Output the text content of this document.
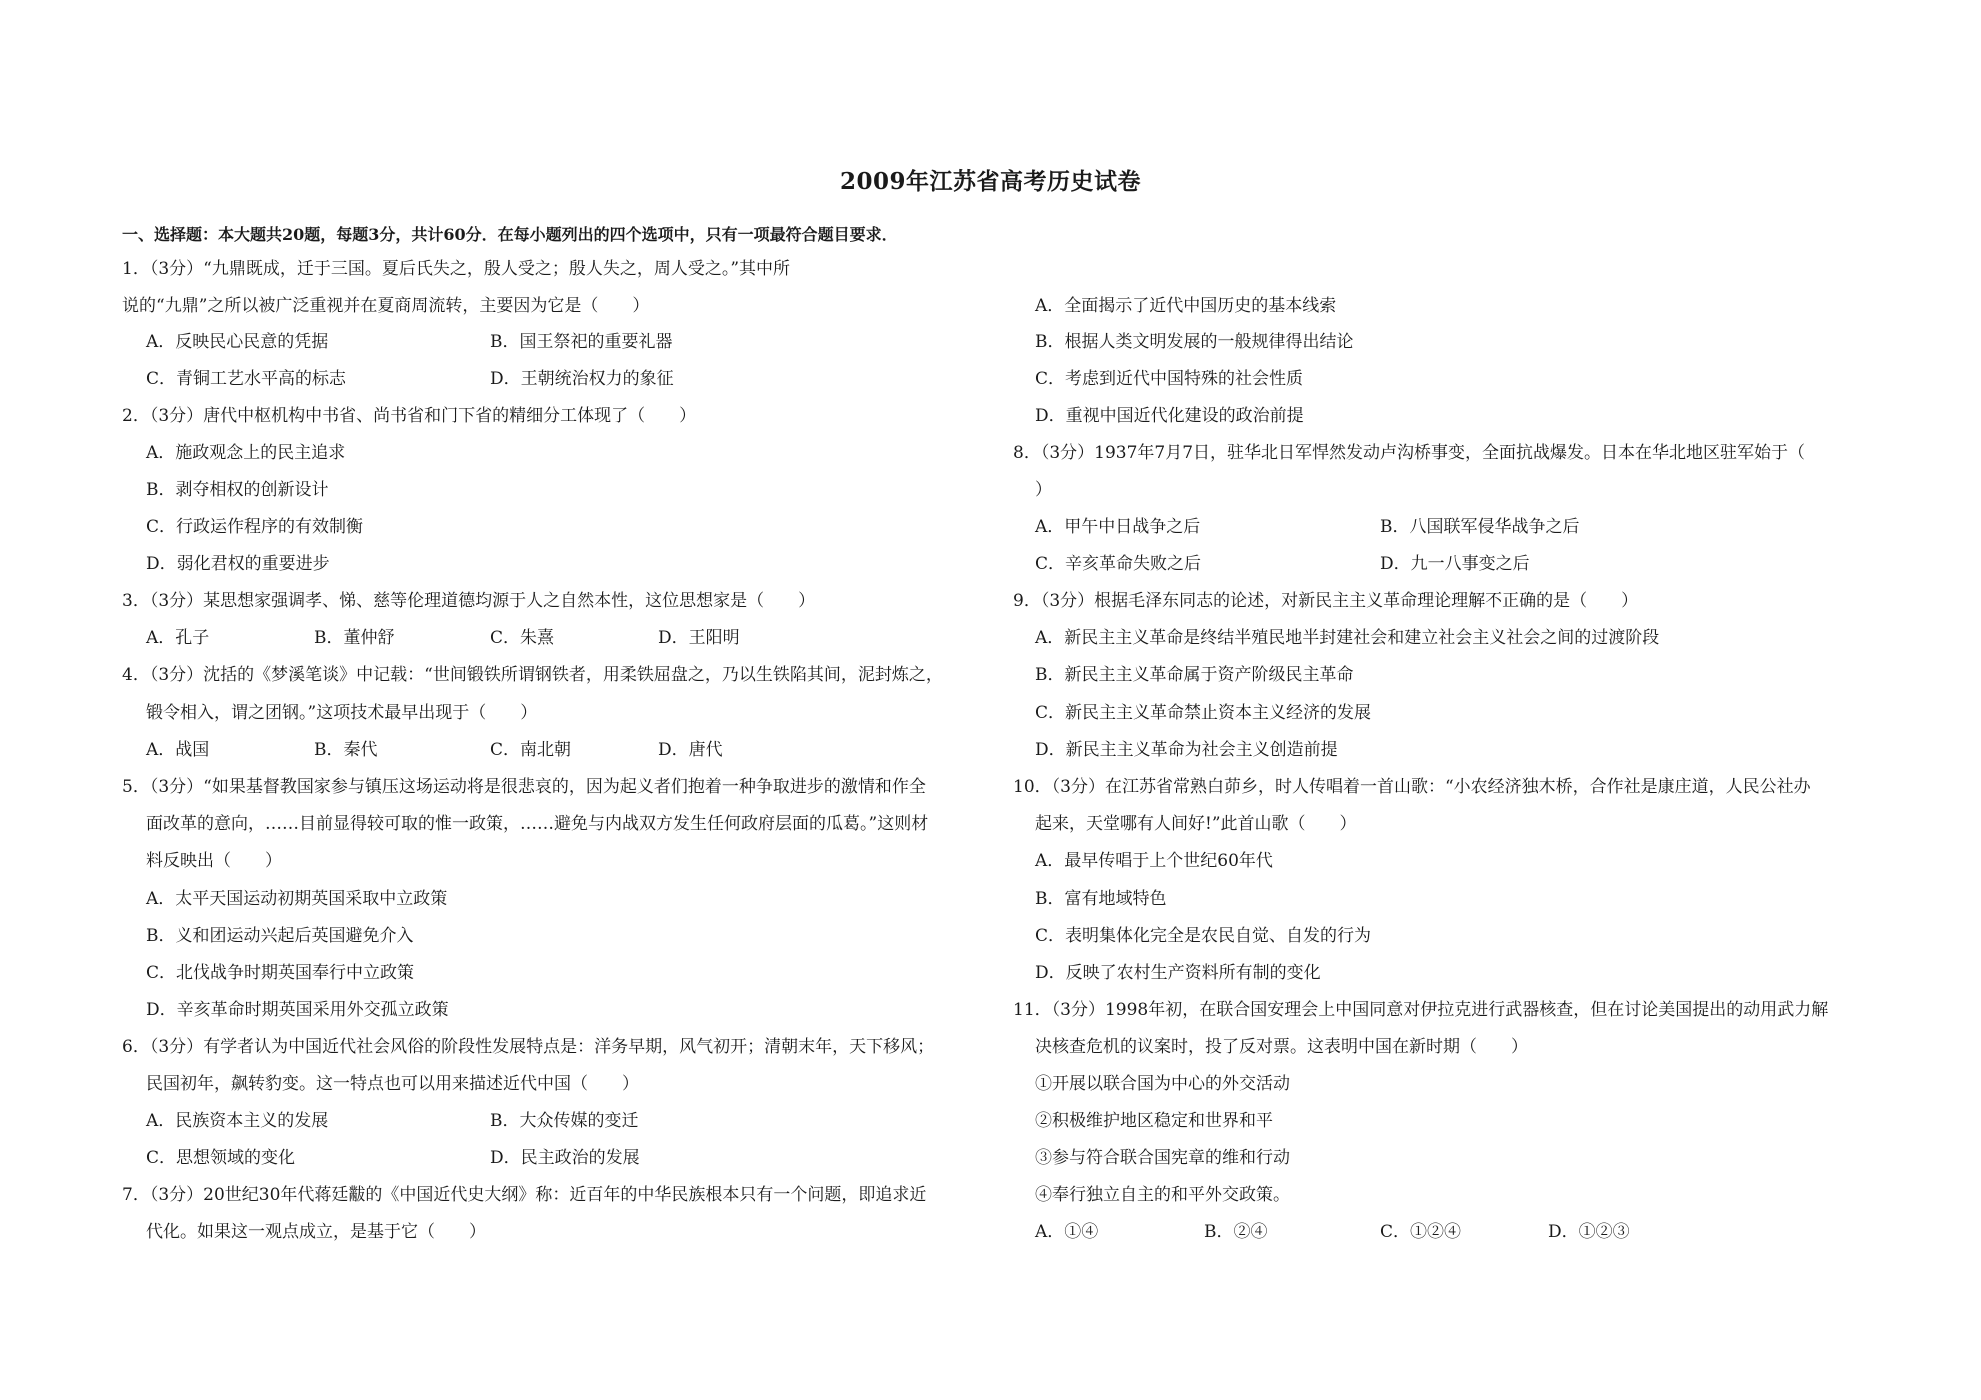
2009年江苏省高考历史试卷
一、选择题：本大题共20题，每题3分，共计60分．在每小题列出的四个选项中，只有一项最符合题目要求．
1．（3分）“九鼎既成，迁于三国。夏后氏失之，殷人受之；殷人失之，周人受之。”其中所
说的“九鼎”之所以被广泛重视并在夏商周流转，主要因为它是（　　）
A．反映民心民意的凭据	B．国王祭祀的重要礼器
C．青铜工艺水平高的标志	D．王朝统治权力的象征
2．（3分）唐代中枢机构中书省、尚书省和门下省的精细分工体现了（　　）
A．施政观念上的民主追求
B．剥夺相权的创新设计
C．行政运作程序的有效制衡
D．弱化君权的重要进步
3．（3分）某思想家强调孝、悌、慈等伦理道德均源于人之自然本性，这位思想家是（　　）
A．孔子	B．董仲舒	C．朱熹	D．王阳明
4．（3分）沈括的《梦溪笔谈》中记载：“世间锻铁所谓钢铁者，用柔铁屈盘之，乃以生铁陷其间，泥封炼之，
锻令相入，谓之团钢。”这项技术最早出现于（　　）
A．战国	B．秦代	C．南北朝	D．唐代
5．（3分）“如果基督教国家参与镇压这场运动将是很悲哀的，因为起义者们抱着一种争取进步的激情和作全
面改革的意向，……目前显得较可取的惟一政策，……避免与内战双方发生任何政府层面的瓜葛。”这则材
料反映出（　　）
A．太平天国运动初期英国采取中立政策
B．义和团运动兴起后英国避免介入
C．北伐战争时期英国奉行中立政策
D．辛亥革命时期英国采用外交孤立政策
6．（3分）有学者认为中国近代社会风俗的阶段性发展特点是：洋务早期，风气初开；清朝末年，天下移风；
民国初年，飙转豹变。这一特点也可以用来描述近代中国（　　）
A．民族资本主义的发展	B．大众传媒的变迁
C．思想领域的变化	D．民主政治的发展
7．（3分）20世纪30年代蒋廷黻的《中国近代史大纲》称：近百年的中华民族根本只有一个问题，即追求近
代化。如果这一观点成立，是基于它（　　）
A．全面揭示了近代中国历史的基本线索
B．根据人类文明发展的一般规律得出结论
C．考虑到近代中国特殊的社会性质
D．重视中国近代化建设的政治前提
8．（3分）1937年7月7日，驻华北日军悍然发动卢沟桥事变，全面抗战爆发。日本在华北地区驻军始于（
）
A．甲午中日战争之后	B．八国联军侵华战争之后
C．辛亥革命失败之后	D．九一八事变之后
9．（3分）根据毛泽东同志的论述，对新民主主义革命理论理解不正确的是（　　）
A．新民主主义革命是终结半殖民地半封建社会和建立社会主义社会之间的过渡阶段
B．新民主主义革命属于资产阶级民主革命
C．新民主主义革命禁止资本主义经济的发展
D．新民主主义革命为社会主义创造前提
10．（3分）在江苏省常熟白茆乡，时人传唱着一首山歌：“小农经济独木桥，合作社是康庄道，人民公社办
起来，天堂哪有人间好!”此首山歌（　　）
A．最早传唱于上个世纪60年代
B．富有地域特色
C．表明集体化完全是农民自觉、自发的行为
D．反映了农村生产资料所有制的变化
11．（3分）1998年初，在联合国安理会上中国同意对伊拉克进行武器核查，但在讨论美国提出的动用武力解
决核查危机的议案时，投了反对票。这表明中国在新时期（　　）
①开展以联合国为中心的外交活动
②积极维护地区稳定和世界和平
③参与符合联合国宪章的维和行动
④奉行独立自主的和平外交政策。
A．①④	B．②④	C．①②④	D．①②③
